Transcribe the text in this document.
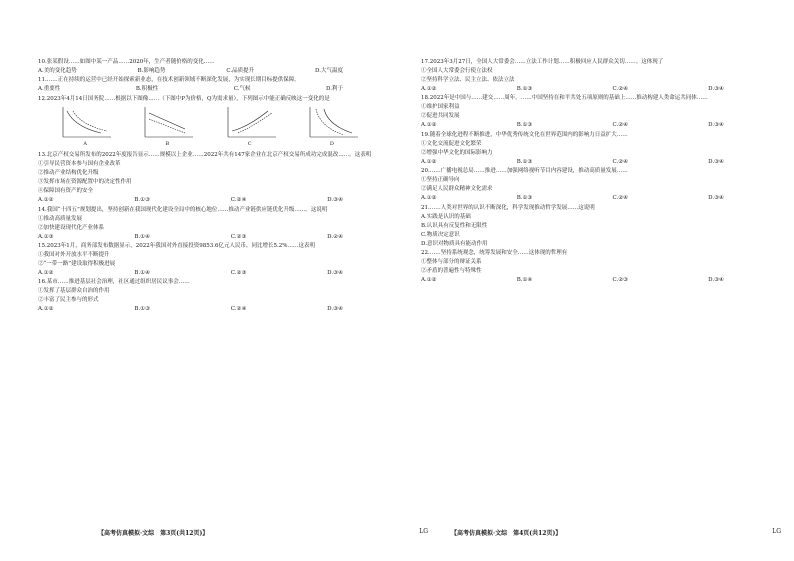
10.张某假设……如图中某一产品……2020年，生产者随价格的变化……

A.美的变化趋势	B.影响趋势	C.品质提升	D.大气温度

11.……正在持续的运营中已经开始探索新业态，在技术创新领域不断深化发展，为实现长期目标提供保障。

A.重要性	B.积极性	C.气候	D.利于

12.2023年4月14日国务院……根据以下图像……（下图中P为价格，Q为需求量），下列图示中能正确反映这一变化的是

A	B	C	D

13.北京产权交易所发布的2022年度报告显示……规模以上企业……2022年共有147家企业在北京产权交易所成功完成混改……。这表明

①引导民营资本参与国有企业改革

②推动产业结构优化升级

③发挥市场在资源配置中的决定性作用

④保障国有资产的安全

A.①②	B.①③	C.②④	D.③④

14.我国“十四五”规划提出，坚持创新在我国现代化建设全局中的核心地位……推动产业链供应链优化升级……。这说明

①推动高质量发展

②加快建设现代化产业体系

A.①③	B.①④	C.②③	D.②④

15.2023年1月，商务部发布数据显示，2022年我国对外直接投资9853.6亿元人民币，同比增长5.2%……这表明

①我国对外开放水平不断提升

②“一带一路”建设取得积极进展

A.①②	B.①④	C.②③	D.③④

16.某市……推进基层社会治理，社区通过组织居民议事会……

①发挥了基层群众自治的作用

②丰富了民主参与的形式

A.①②	B.①③	C.②④	D.③④
【高考仿真模拟·文综　第3页(共12页)】	LG

17.2023年3月27日，全国人大常委会……立法工作计划……积极回应人民群众关切……。这体现了

①全国人大常委会行使立法权

②坚持科学立法、民主立法、依法立法

A.①②	B.①③	C.②④	D.③④

18.2022年是中国与……建交……周年。……中国坚持在和平共处五项原则的基础上……推动构建人类命运共同体……

①维护国家利益

②促进共同发展

A.①②	B.①③	C.②④	D.③④

19.随着全球化进程不断推进，中华优秀传统文化在世界范围内的影响力日益扩大……

①文化交流促进文化繁荣

②增强中华文化的国际影响力

A.①②	B.①③	C.②④	D.③④

20.……广播电视总局……推进……加强网络视听节目内容建设，推动高质量发展……

①坚持正确导向

②满足人民群众精神文化需求

A.①②	B.①③	C.②④	D.③④

21.……人类对世界的认识不断深化，科学发现推动哲学发展……这说明

A.实践是认识的基础

B.认识具有反复性和无限性

C.物质决定意识

D.意识对物质具有能动作用

22.……坚持系统观念，统筹发展和安全……这体现的哲理有

①整体与部分的辩证关系

②矛盾的普遍性与特殊性

A.①②	B.①④	C.②③	D.③④
【高考仿真模拟·文综　第4页(共12页)】	LG
